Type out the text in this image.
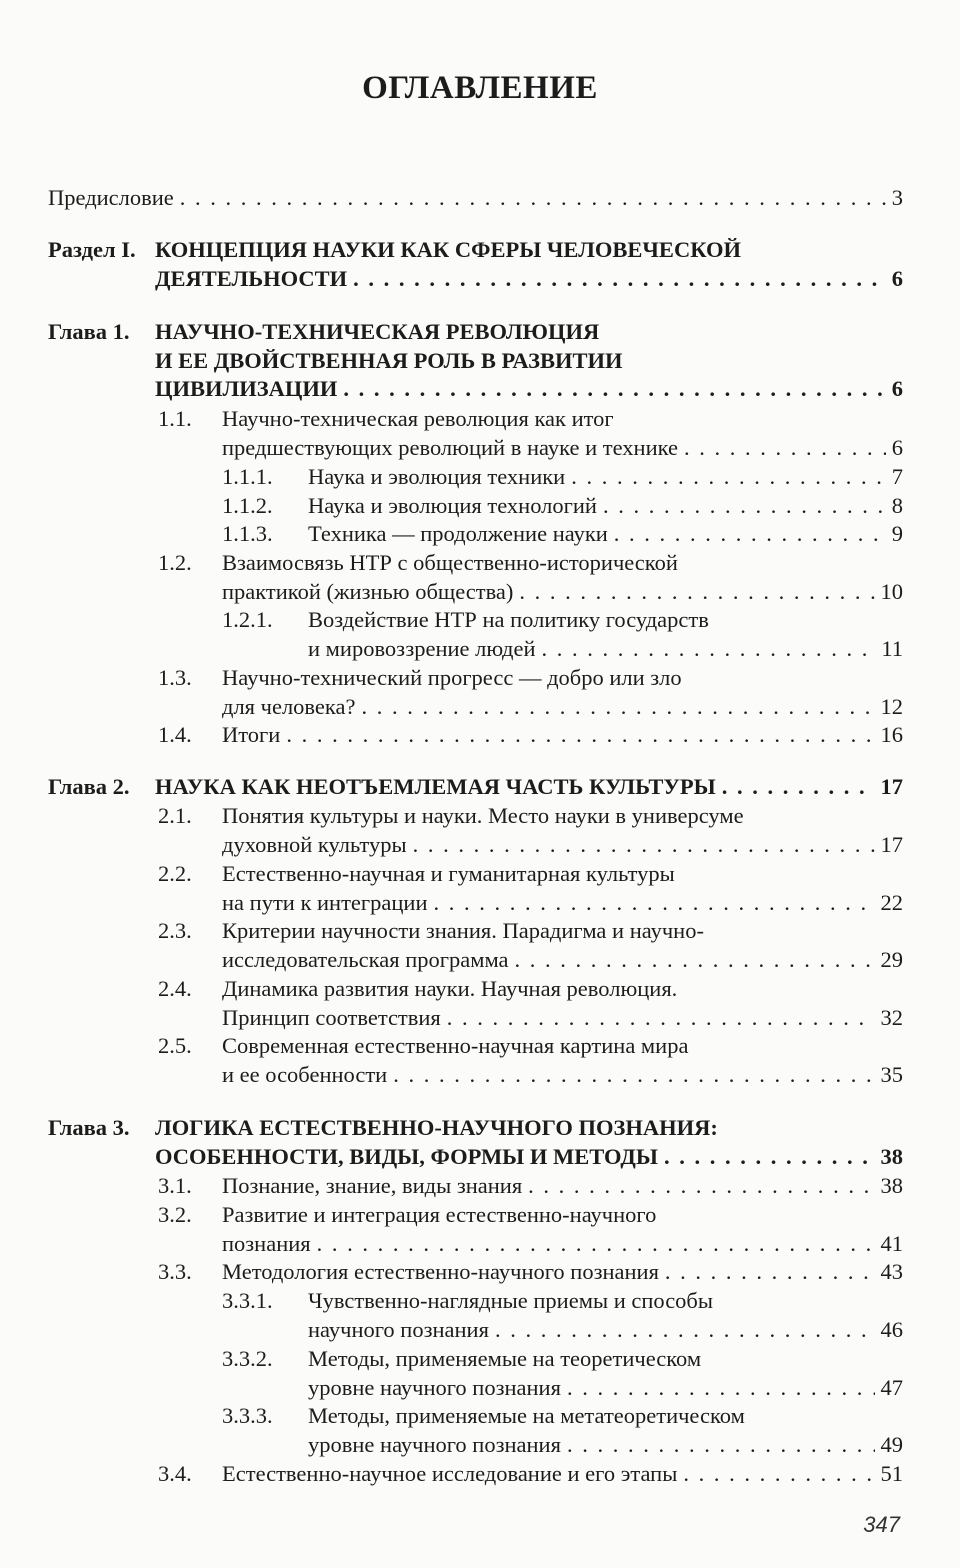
ОГЛАВЛЕНИЕ
Предисловие . . .	3
Раздел I. КОНЦЕПЦИЯ НАУКИ КАК СФЕРЫ ЧЕЛОВЕЧЕСКОЙ
ДЕЯТЕЛЬНОСТИ . . .	6
Глава 1. НАУЧНО-ТЕХНИЧЕСКАЯ РЕВОЛЮЦИЯ
И ЕЕ ДВОЙСТВЕННАЯ РОЛЬ В РАЗВИТИИ
ЦИВИЛИЗАЦИИ . . .	6
1.1. Научно-техническая революция как итог
предшествующих революций в науке и технике . . .	6
1.1.1. Наука и эволюция техники . . .	7
1.1.2. Наука и эволюция технологий . . .	8
1.1.3. Техника — продолжение науки . . .	9
1.2. Взаимосвязь НТР с общественно-исторической
практикой (жизнью общества) . . .	10
1.2.1. Воздействие НТР на политику государств
и мировоззрение людей . . .	11
1.3. Научно-технический прогресс — добро или зло
для человека? . . .	12
1.4. Итоги . . .	16
Глава 2. НАУКА КАК НЕОТЪЕМЛЕМАЯ ЧАСТЬ КУЛЬТУРЫ . . .	17
2.1. Понятия культуры и науки. Место науки в универсуме
духовной культуры . . .	17
2.2. Естественно-научная и гуманитарная культуры
на пути к интеграции . . .	22
2.3. Критерии научности знания. Парадигма и научно-
исследовательская программа . . .	29
2.4. Динамика развития науки. Научная революция.
Принцип соответствия . . .	32
2.5. Современная естественно-научная картина мира
и ее особенности . . .	35
Глава 3. ЛОГИКА ЕСТЕСТВЕННО-НАУЧНОГО ПОЗНАНИЯ:
ОСОБЕННОСТИ, ВИДЫ, ФОРМЫ И МЕТОДЫ . . .	38
3.1. Познание, знание, виды знания . . .	38
3.2. Развитие и интеграция естественно-научного
познания . . .	41
3.3. Методология естественно-научного познания . . .	43
3.3.1. Чувственно-наглядные приемы и способы
научного познания . . .	46
3.3.2. Методы, применяемые на теоретическом
уровне научного познания . . .	47
3.3.3. Методы, применяемые на метатеоретическом
уровне научного познания . . .	49
3.4. Естественно-научное исследование и его этапы . . .	51
347
